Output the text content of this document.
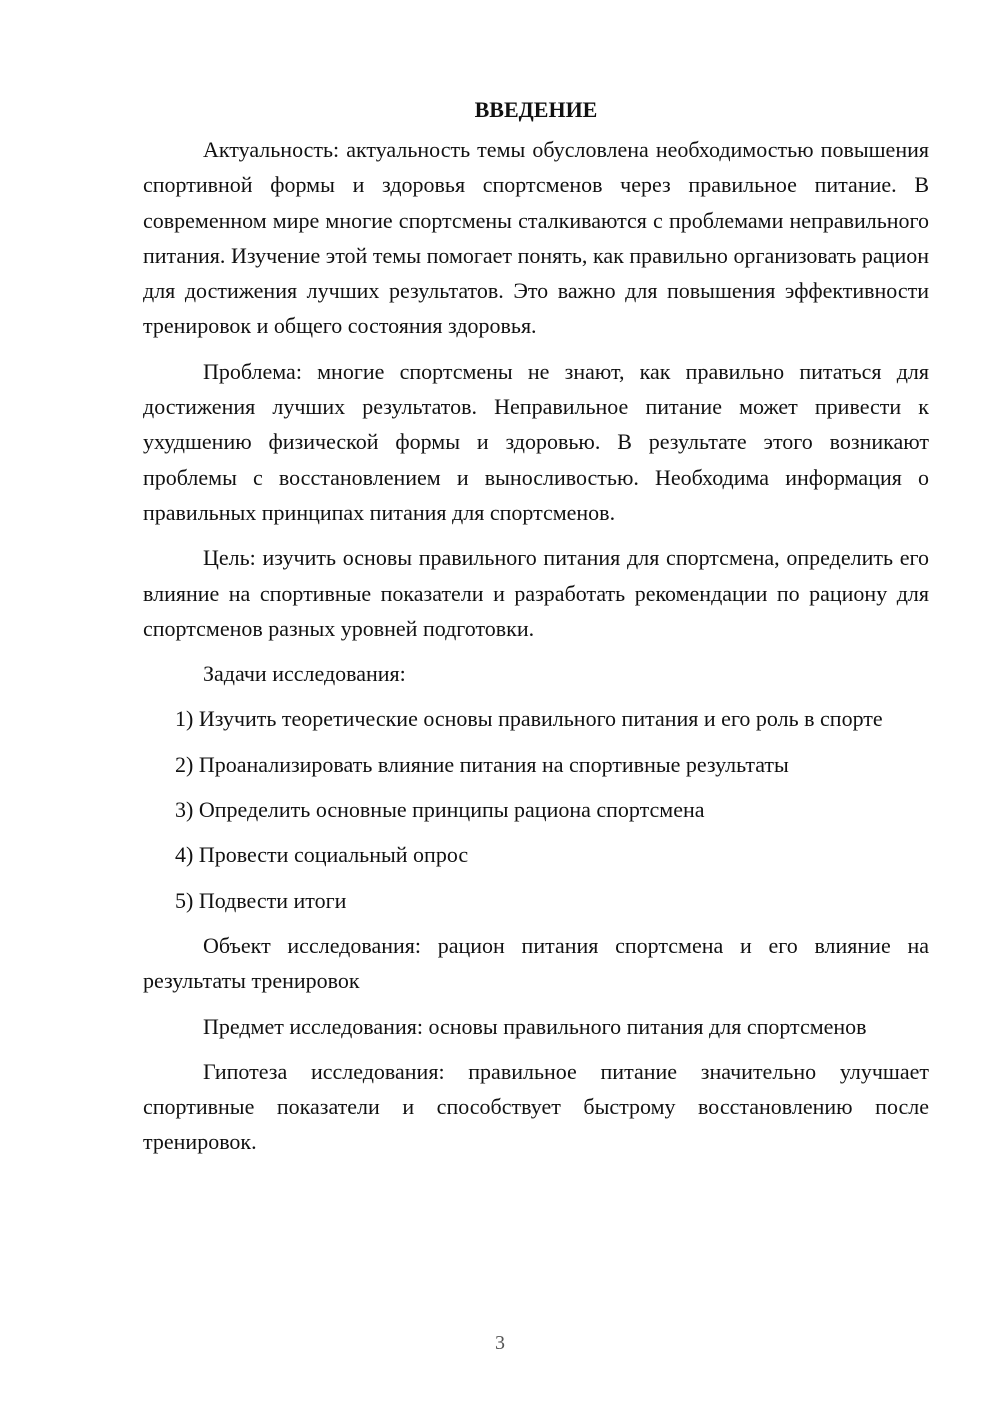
ВВЕДЕНИЕ

Актуальность: актуальность темы обусловлена необходимостью повышения спортивной формы и здоровья спортсменов через правильное питание. В современном мире многие спортсмены сталкиваются с проблемами неправильного питания. Изучение этой темы помогает понять, как правильно организовать рацион для достижения лучших результатов. Это важно для повышения эффективности тренировок и общего состояния здоровья.

Проблема: многие спортсмены не знают, как правильно питаться для достижения лучших результатов. Неправильное питание может привести к ухудшению физической формы и здоровью. В результате этого возникают проблемы с восстановлением и выносливостью. Необходима информация о правильных принципах питания для спортсменов.

Цель: изучить основы правильного питания для спортсмена, определить его влияние на спортивные показатели и разработать рекомендации по рациону для спортсменов разных уровней подготовки.

Задачи исследования:

1) Изучить теоретические основы правильного питания и его роль в спорте

2) Проанализировать влияние питания на спортивные результаты

3) Определить основные принципы рациона спортсмена

4) Провести социальный опрос

5) Подвести итоги

Объект исследования: рацион питания спортсмена и его влияние на результаты тренировок

Предмет исследования: основы правильного питания для спортсменов

Гипотеза исследования: правильное питание значительно улучшает спортивные показатели и способствует быстрому восстановлению после тренировок.

3
